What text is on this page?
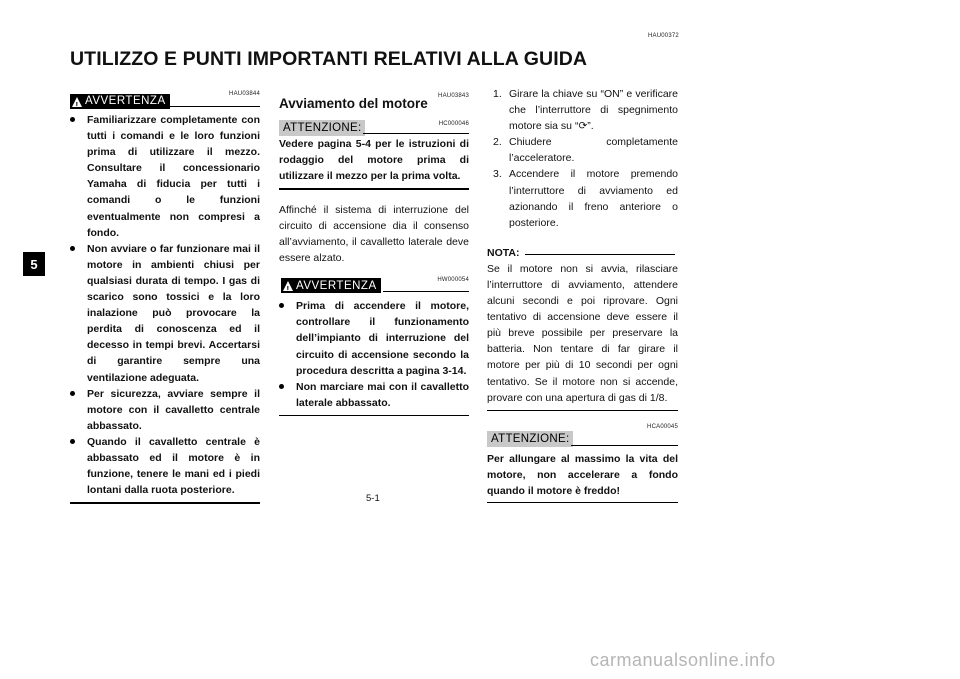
HAU00372
UTILIZZO E PUNTI IMPORTANTI RELATIVI ALLA GUIDA
5
HAU03844
!
AVVERTENZA
Familiarizzare completamente con tutti i comandi e le loro funzioni prima di utilizzare il mezzo. Consultare il concessionario Yamaha di fiducia per tutti i comandi o le funzioni eventualmente non compresi a fondo.
Non avviare o far funzionare mai il motore in ambienti chiusi per qualsiasi durata di tempo. I gas di scarico sono tossici e la loro inalazione può provocare la perdita di conoscenza ed il decesso in tempi brevi. Accertarsi di garantire sempre una ventilazione adeguata.
Per sicurezza, avviare sempre il motore con il cavalletto centrale abbassato.
Quando il cavalletto centrale è abbassato ed il motore è in funzione, tenere le mani ed i piedi lontani dalla ruota posteriore.
HAU03843
Avviamento del motore
HC000046
ATTENZIONE:
Vedere pagina 5-4 per le istruzioni di rodaggio del motore prima di utilizzare il mezzo per la prima volta.

Affinché il sistema di interruzione del circuito di accensione dia il consenso all’avviamento, il cavalletto laterale deve essere alzato.

HW000054
!
AVVERTENZA
Prima di accendere il motore, controllare il funzionamento dell’impianto di interruzione del circuito di accensione secondo la procedura descritta a pagina 3-14.
Non marciare mai con il cavalletto laterale abbassato.
1. Girare la chiave su “ON” e verificare che l’interruttore di spegnimento motore sia su “⟳”.
2. Chiudere completamente l’acceleratore.
3. Accendere il motore premendo l’interruttore di avviamento ed azionando il freno anteriore o posteriore.
NOTA:

Se il motore non si avvia, rilasciare l’interruttore di avviamento, attendere alcuni secondi e poi riprovare. Ogni tentativo di accensione deve essere il più breve possibile per preservare la batteria. Non tentare di far girare il motore per più di 10 secondi per ogni tentativo. Se il motore non si accende, provare con una apertura di gas di 1/8.

HCA00045
ATTENZIONE:
Per allungare al massimo la vita del motore, non accelerare a fondo quando il motore è freddo!
5-1
carmanualsonline.info
